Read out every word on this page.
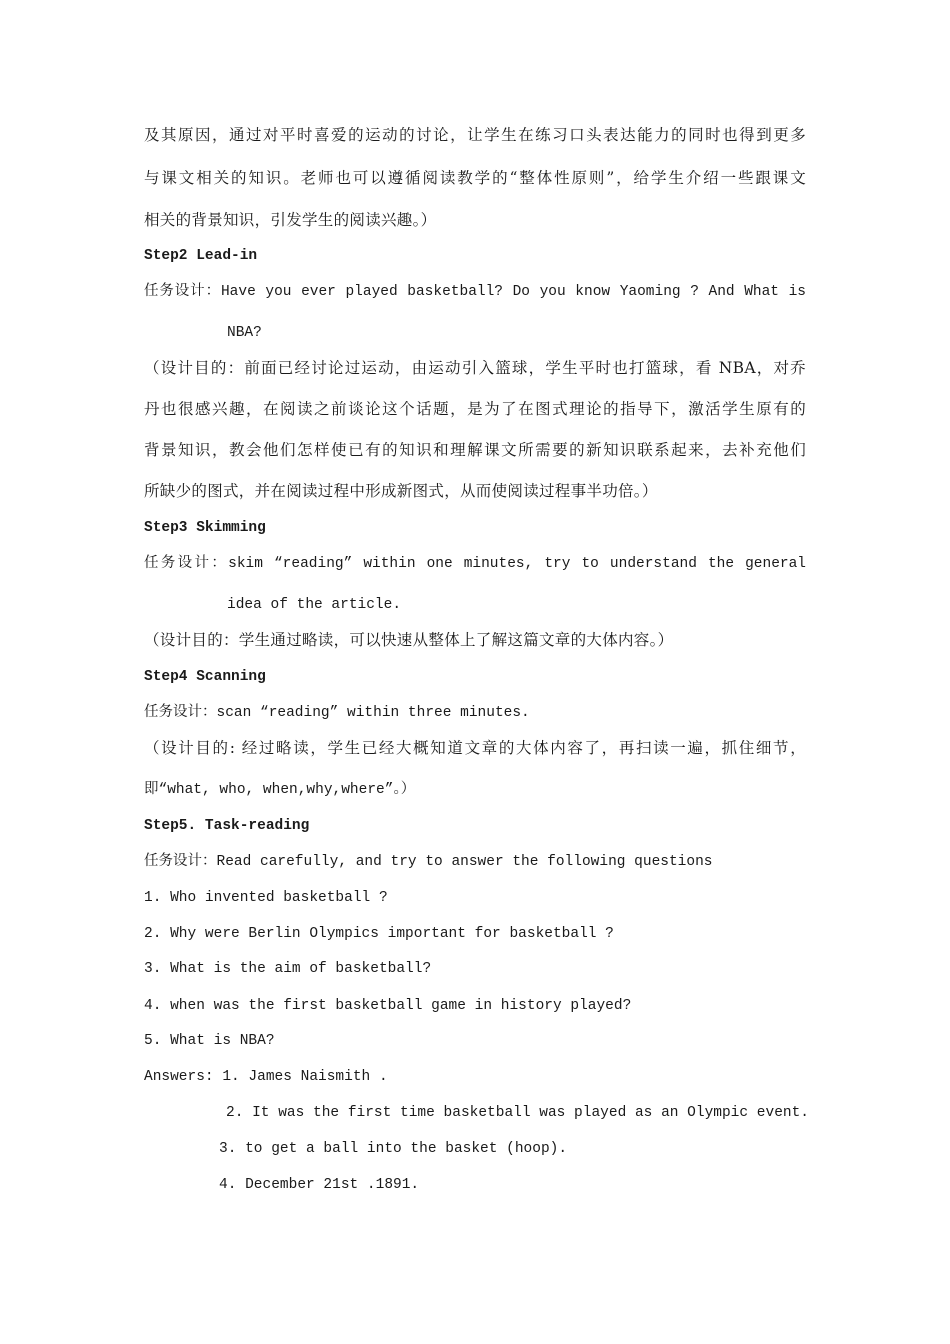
及其原因，通过对平时喜爱的运动的讨论，让学生在练习口头表达能力的同时也得到更多
与课文相关的知识。老师也可以遵循阅读教学的“整体性原则”，给学生介绍一些跟课文
相关的背景知识，引发学生的阅读兴趣。）
Step2 Lead-in
任务设计：Have you ever played basketball? Do you know Yaoming ? And What is
NBA?
（设计目的：前面已经讨论过运动，由运动引入篮球，学生平时也打篮球，看 NBA，对乔
丹也很感兴趣，在阅读之前谈论这个话题，是为了在图式理论的指导下，激活学生原有的
背景知识，教会他们怎样使已有的知识和理解课文所需要的新知识联系起来，去补充他们
所缺少的图式，并在阅读过程中形成新图式，从而使阅读过程事半功倍。）
Step3 Skimming
任务设计：skim “reading” within one minutes, try to understand the general
idea of the article.
（设计目的：学生通过略读，可以快速从整体上了解这篇文章的大体内容。）
Step4 Scanning
任务设计：scan “reading” within three minutes.
（设计目的: 经过略读，学生已经大概知道文章的大体内容了，再扫读一遍，抓住细节，
即“what, who, when,why,where”。）
Step5. Task-reading
任务设计：Read carefully, and try to answer the following questions
1. Who invented basketball ?
2. Why were Berlin Olympics important for basketball ?
3. What is the aim of basketball?
4. when was the first basketball game in history played?
5. What is NBA?
Answers: 1. James Naismith .
2. It was the first time basketball was played as an Olympic event.
3. to get a ball into the basket (hoop).
4. December 21st .1891.
